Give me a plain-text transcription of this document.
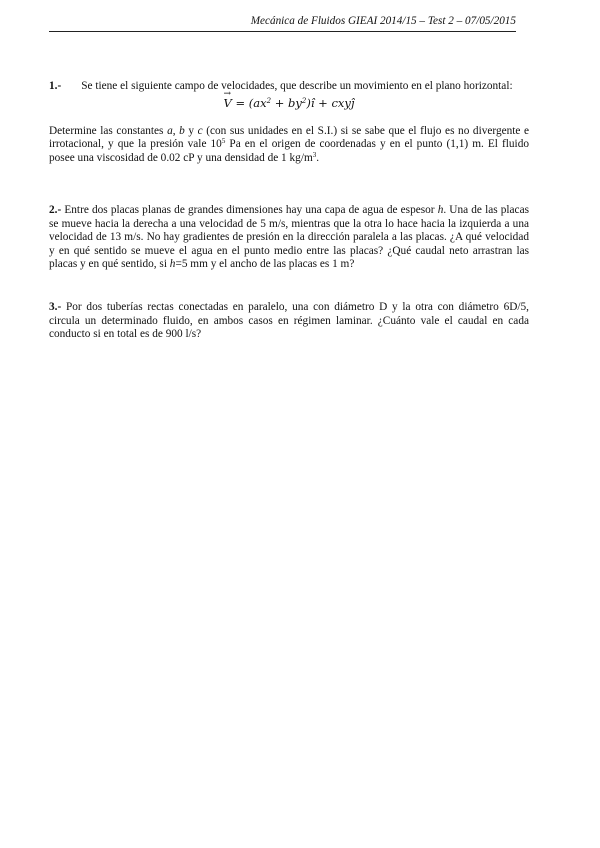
Mecánica de Fluidos GIEAI 2014/15 – Test 2 – 07/05/2015
1.- Se tiene el siguiente campo de velocidades, que describe un movimiento en el plano horizontal:
→ $V = (ax^2$ + $by^2)î$ + cxyĵ
Determine las constantes a, b y c (con sus unidades en el S.I.) si se sabe que el flujo es no divergente e irrotacional, y que la presión vale $10^5$ Pa en el origen de coordenadas y en el punto (1,1) m. El fluido posee una viscosidad de 0.02 cP y una densidad de 1 $kg/m^3$.
2.- Entre dos placas planas de grandes dimensiones hay una capa de agua de espesor h. Una de las placas se mueve hacia la derecha a una velocidad de 5 m/s, mientras que la otra lo hace hacia la izquierda a una velocidad de 13 m/s. No hay gradientes de presión en la dirección paralela a las placas. ¿A qué velocidad y en qué sentido se mueve el agua en el punto medio entre las placas? ¿Qué caudal neto arrastran las placas y en qué sentido, si h=5 mm y el ancho de las placas es 1 m?
3.- Por dos tuberías rectas conectadas en paralelo, una con diámetro D y la otra con diámetro 6D/5, circula un determinado fluido, en ambos casos en régimen laminar. ¿Cuánto vale el caudal en cada conducto si en total es de 900 l/s?
